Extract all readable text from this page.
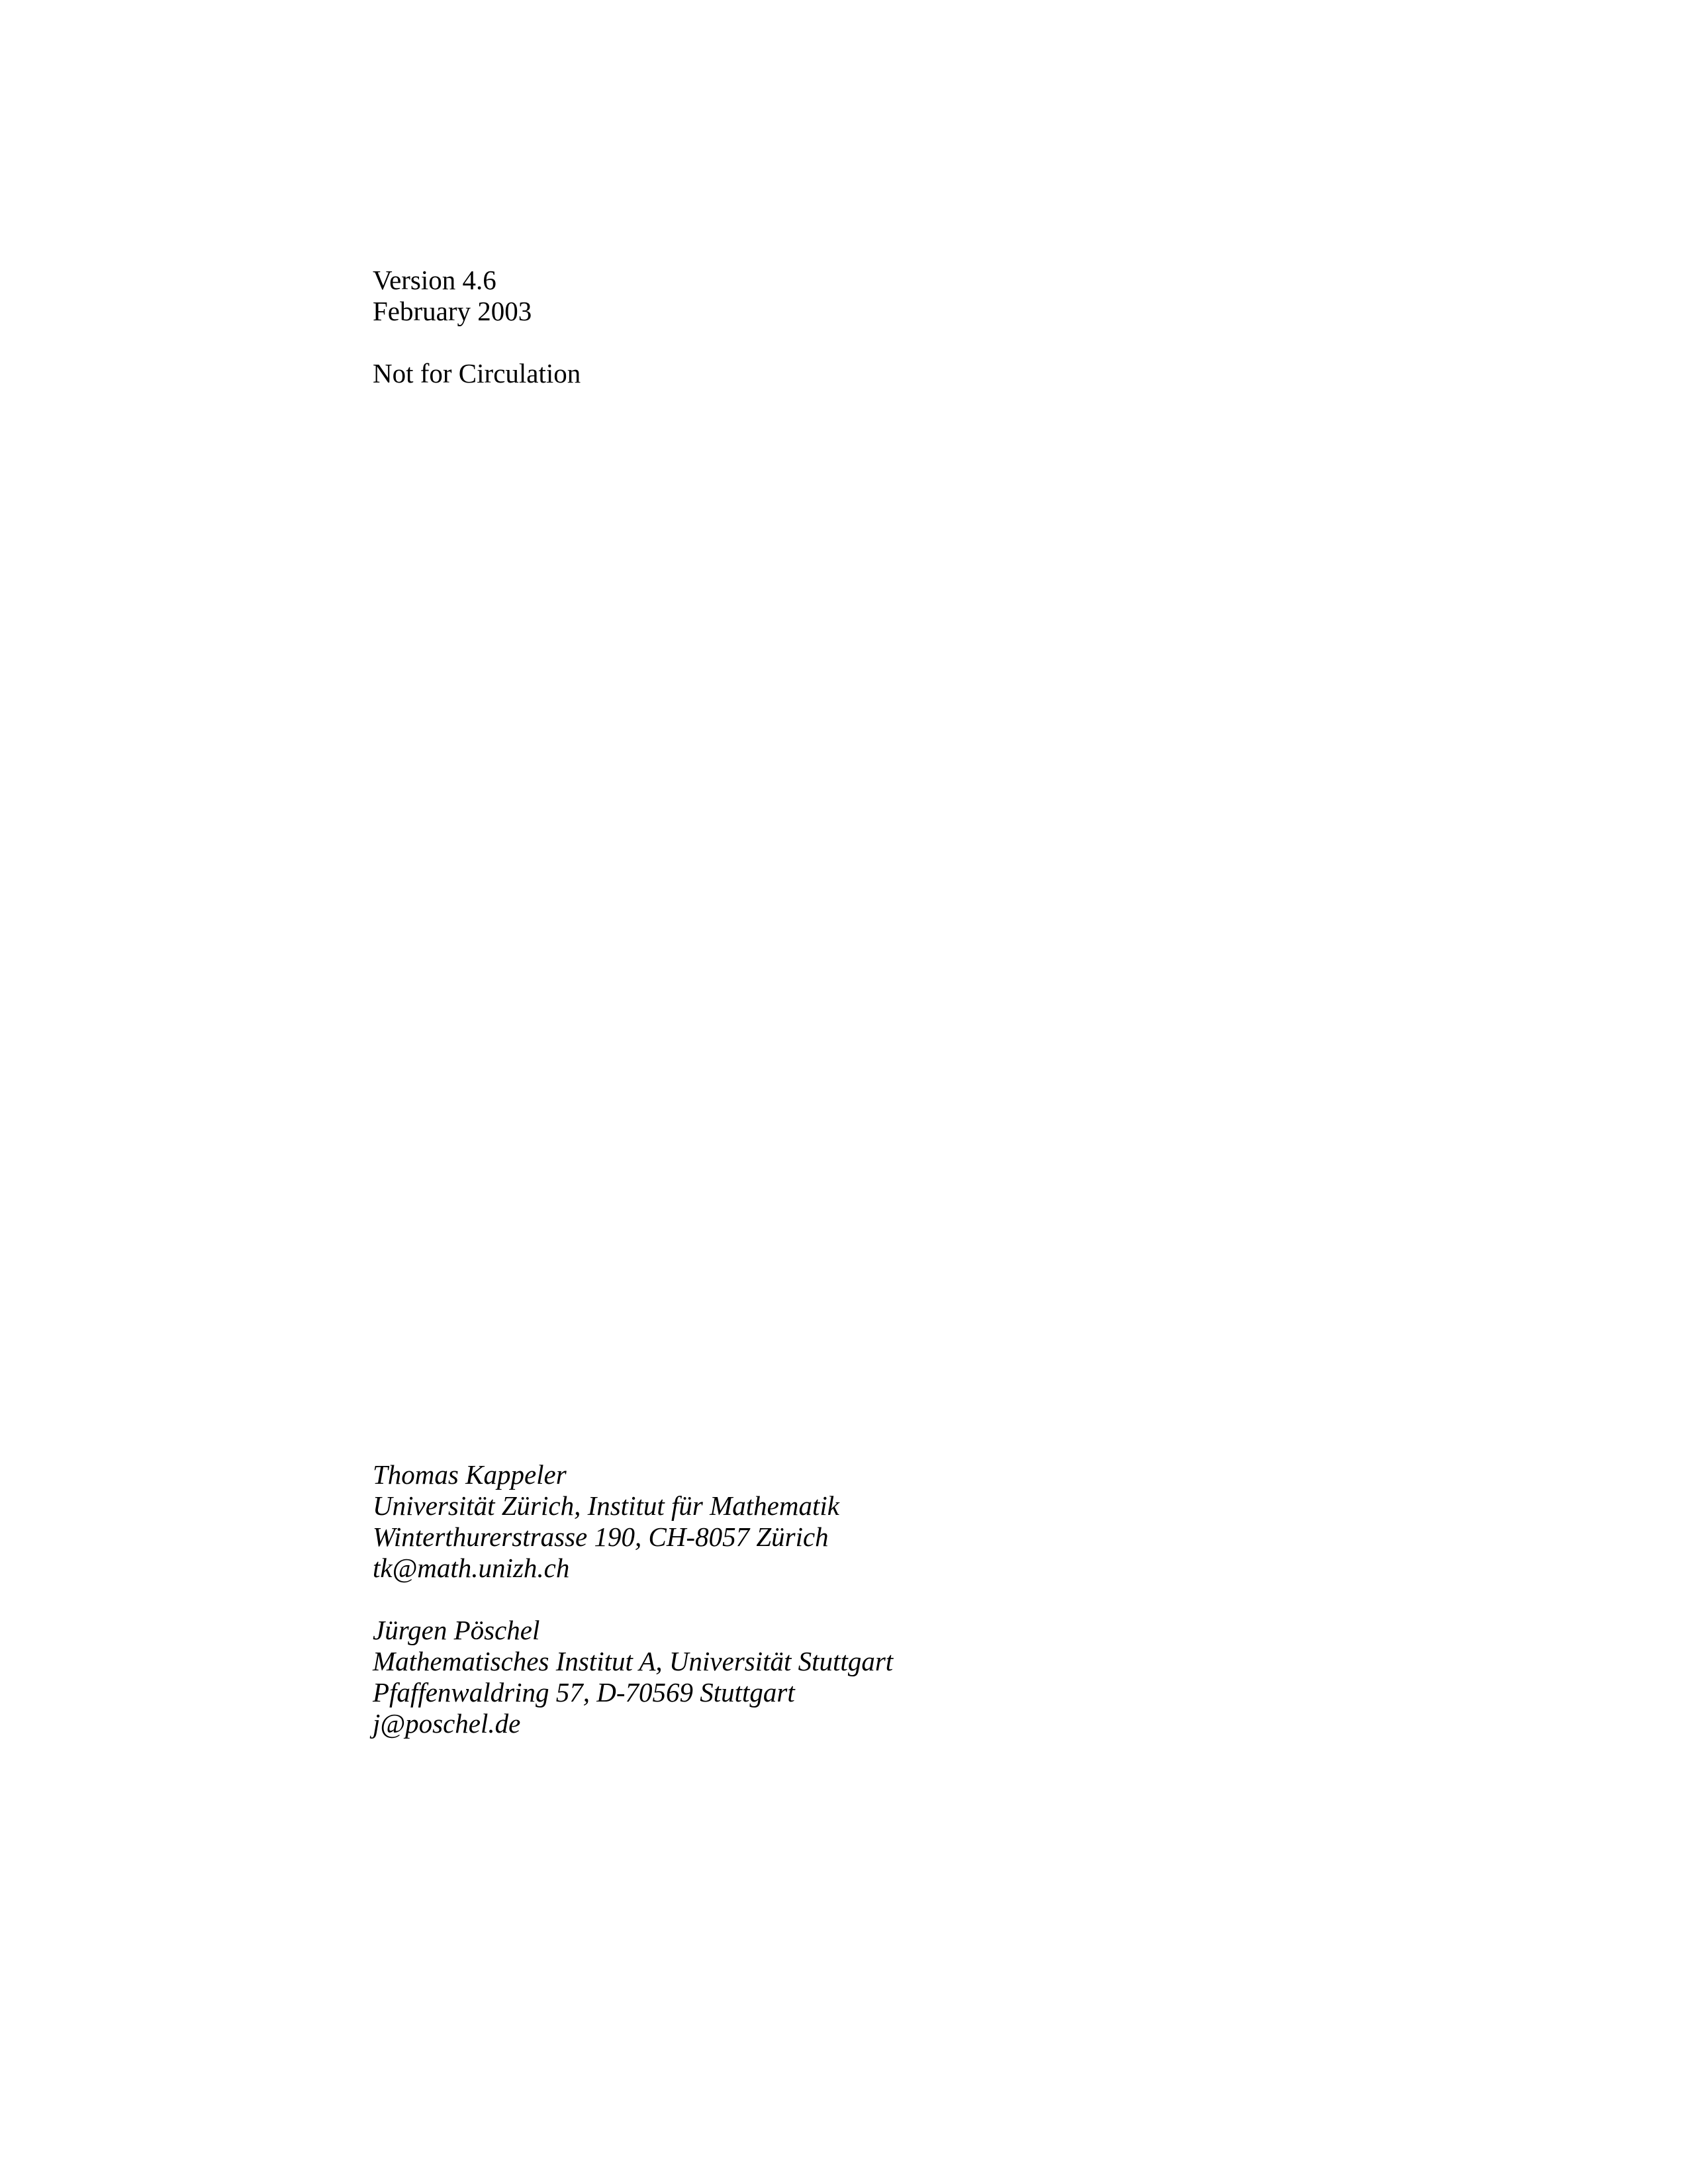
Version 4.6
February 2003
Not for Circulation
Thomas Kappeler
Universität Zürich, Institut für Mathematik
Winterthurerstrasse 190, CH-8057 Zürich
tk@math.unizh.ch
Jürgen Pöschel
Mathematisches Institut A, Universität Stuttgart
Pfaffenwaldring 57, D-70569 Stuttgart
j@poschel.de
